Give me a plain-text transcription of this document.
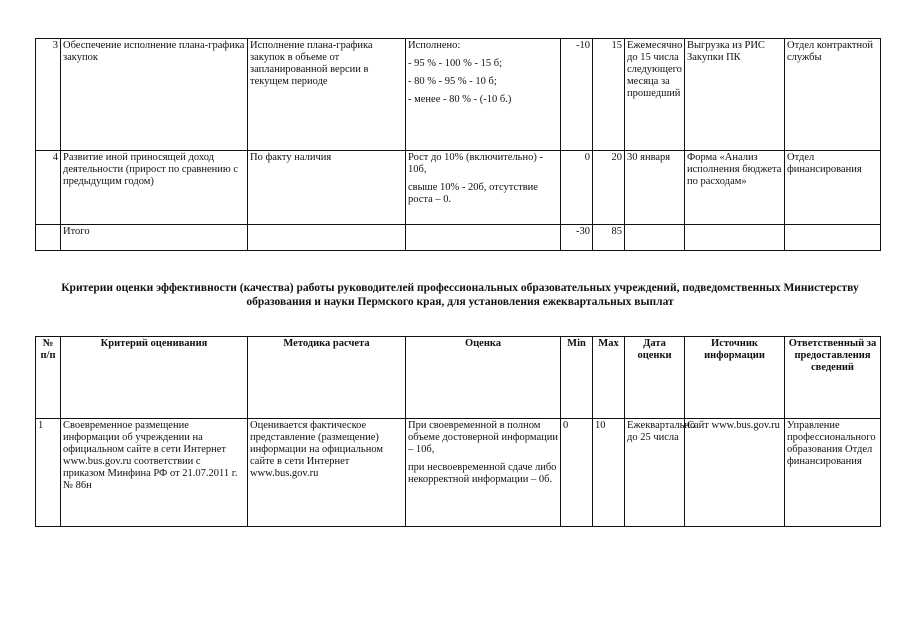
3	Обеспечение исполнение плана-графика закупок	Исполнение плана-графика закупок в объеме от запланированной версии в текущем периоде	Исполнено:
- 95 % - 100 % - 15 б;
- 80 % - 95 % - 10 б;
- менее - 80 % - (-10 б.)	-10	15	Ежемесячно до 15 числа следующего месяца за прошедший	Выгрузка из РИС Закупки ПК	Отдел контрактной службы
4	Развитие иной приносящей доход деятельности (прирост по сравнению с предыдущим годом)	По факту наличия	Рост до 10% (включительно) - 10б,
свыше 10% - 20б, отсутствие роста – 0.	0	20	30 января	Форма «Анализ исполнения бюджета по расходам»	Отдел финансирования
	Итого			-30	85			
Критерии оценки эффективности (качества) работы руководителей профессиональных образовательных учреждений, подведомственных Министерству образования и науки Пермского края, для установления ежеквартальных выплат
№ п/п	Критерий оценивания	Методика расчета	Оценка	Min	Max	Дата оценки	Источник информации	Ответственный за предоставления сведений
1	Своевременное размещение информации об учреждении на официальном сайте в сети Интернет www.bus.gov.ru соответствии с приказом Минфина РФ от 21.07.2011 г. № 86н	Оценивается фактическое представление (размещение) информации на официальном сайте в сети Интернет www.bus.gov.ru	При своевременной в полном объеме достоверной информации – 10б,
при несвоевременной сдаче либо некорректной информации – 0б.	0	10	Ежеквартально до 25 числа	Сайт www.bus.gov.ru	Управление профессионального образования Отдел финансирования
